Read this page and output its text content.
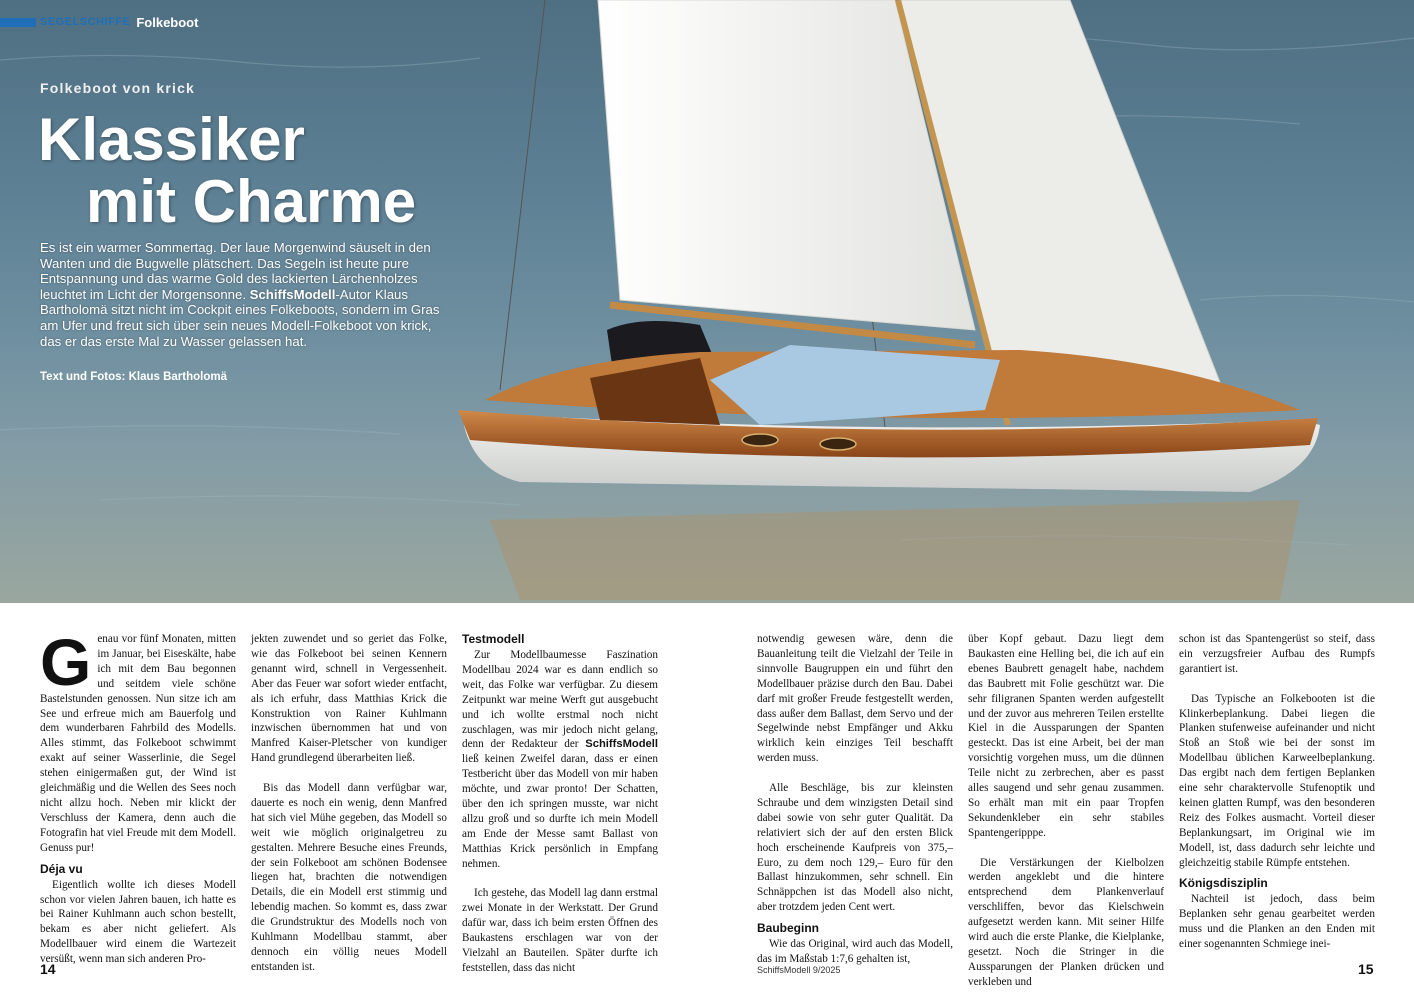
SEGELSCHIFFE Folkeboot
Folkeboot von krick
Klassiker
mit Charme
Es ist ein warmer Sommertag. Der laue Morgenwind säuselt in den Wanten und die Bugwelle plätschert. Das Segeln ist heute pure Entspannung und das warme Gold des lackierten Lärchenholzes leuchtet im Licht der Morgensonne. SchiffsModell-Autor Klaus Bartholomä sitzt nicht im Cockpit eines Folkeboots, sondern im Gras am Ufer und freut sich über sein neues Modell-Folkeboot von krick, das er das erste Mal zu Wasser gelassen hat.
Text und Fotos: Klaus Bartholomä

Genau vor fünf Monaten, mitten im Januar, bei Eiseskälte, habe ich mit dem Bau begonnen und seitdem viele schöne Bastelstunden genossen. Nun sitze ich am See und erfreue mich am Bauerfolg und dem wunderbaren Fahrbild des Modells. Alles stimmt, das Folkeboot schwimmt exakt auf seiner Wasserlinie, die Segel stehen einigermaßen gut, der Wind ist gleichmäßig und die Wellen des Sees noch nicht allzu hoch. Neben mir klickt der Verschluss der Kamera, denn auch die Fotografin hat viel Freude mit dem Modell. Genuss pur!

Déja vu

Eigentlich wollte ich dieses Modell schon vor vielen Jahren bauen, ich hatte es bei Rainer Kuhlmann auch schon bestellt, bekam es aber nicht geliefert. Als Modellbauer wird einem die Wartezeit versüßt, wenn man sich anderen Pro-

jekten zuwendet und so geriet das Folke, wie das Folkeboot bei seinen Kennern genannt wird, schnell in Vergessenheit. Aber das Feuer war sofort wieder entfacht, als ich erfuhr, dass Matthias Krick die Konstruktion von Rainer Kuhlmann inzwischen übernommen hat und von Manfred Kaiser-Pletscher von kundiger Hand grundlegend überarbeiten ließ.

Bis das Modell dann verfügbar war, dauerte es noch ein wenig, denn Manfred hat sich viel Mühe gegeben, das Modell so weit wie möglich originalgetreu zu gestalten. Mehrere Besuche eines Freunds, der sein Folkeboot am schönen Bodensee liegen hat, brachten die notwendigen Details, die ein Modell erst stimmig und lebendig machen. So kommt es, dass zwar die Grundstruktur des Modells noch von Kuhlmann Modellbau stammt, aber dennoch ein völlig neues Modell entstanden ist.

Testmodell

Zur Modellbaumesse Faszination Modellbau 2024 war es dann endlich so weit, das Folke war verfügbar. Zu diesem Zeitpunkt war meine Werft gut ausgebucht und ich wollte erstmal noch nicht zuschlagen, was mir jedoch nicht gelang, denn der Redakteur der SchiffsModell ließ keinen Zweifel daran, dass er einen Testbericht über das Modell von mir haben möchte, und zwar pronto! Der Schatten, über den ich springen musste, war nicht allzu groß und so durfte ich mein Modell am Ende der Messe samt Ballast von Matthias Krick persönlich in Empfang nehmen.

Ich gestehe, das Modell lag dann erstmal zwei Monate in der Werkstatt. Der Grund dafür war, dass ich beim ersten Öffnen des Baukastens erschlagen war von der Vielzahl an Bauteilen. Später durfte ich feststellen, dass das nicht

notwendig gewesen wäre, denn die Bauanleitung teilt die Vielzahl der Teile in sinnvolle Baugruppen ein und führt den Modellbauer präzise durch den Bau. Dabei darf mit großer Freude festgestellt werden, dass außer dem Ballast, dem Servo und der Segelwinde nebst Empfänger und Akku wirklich kein einziges Teil beschafft werden muss.

Alle Beschläge, bis zur kleinsten Schraube und dem winzigsten Detail sind dabei sowie von sehr guter Qualität. Da relativiert sich der auf den ersten Blick hoch erscheinende Kaufpreis von 375,– Euro, zu dem noch 129,– Euro für den Ballast hinzukommen, sehr schnell. Ein Schnäppchen ist das Modell also nicht, aber trotzdem jeden Cent wert.

Baubeginn

Wie das Original, wird auch das Modell, das im Maßstab 1:7,6 gehalten ist,

über Kopf gebaut. Dazu liegt dem Baukasten eine Helling bei, die ich auf ein ebenes Baubrett genagelt habe, nachdem das Baubrett mit Folie geschützt war. Die sehr filigranen Spanten werden aufgestellt und der zuvor aus mehreren Teilen erstellte Kiel in die Aussparungen der Spanten gesteckt. Das ist eine Arbeit, bei der man vorsichtig vorgehen muss, um die dünnen Teile nicht zu zerbrechen, aber es passt alles saugend und sehr genau zusammen. So erhält man mit ein paar Tropfen Sekundenkleber ein sehr stabiles Spantengeripppe.

Die Verstärkungen der Kielbolzen werden angeklebt und die hintere entsprechend dem Plankenverlauf verschliffen, bevor das Kielschwein aufgesetzt werden kann. Mit seiner Hilfe wird auch die erste Planke, die Kielplanke, gesetzt. Noch die Stringer in die Aussparungen der Planken drücken und verkleben und

schon ist das Spantengerüst so steif, dass ein verzugsfreier Aufbau des Rumpfs garantiert ist.

Das Typische an Folkebooten ist die Klinkerbeplankung. Dabei liegen die Planken stufenweise aufeinander und nicht Stoß an Stoß wie bei der sonst im Modellbau üblichen Karweelbeplankung. Das ergibt nach dem fertigen Beplanken eine sehr charaktervolle Stufenoptik und keinen glatten Rumpf, was den besonderen Reiz des Folkes ausmacht. Vorteil dieser Beplankungsart, im Original wie im Modell, ist, dass dadurch sehr leichte und gleichzeitig stabile Rümpfe entstehen.

Königsdisziplin

Nachteil ist jedoch, dass beim Beplanken sehr genau gearbeitet werden muss und die Planken an den Enden mit einer sogenannten Schmiege inei-

14	SchiffsModell 9/2025	15
